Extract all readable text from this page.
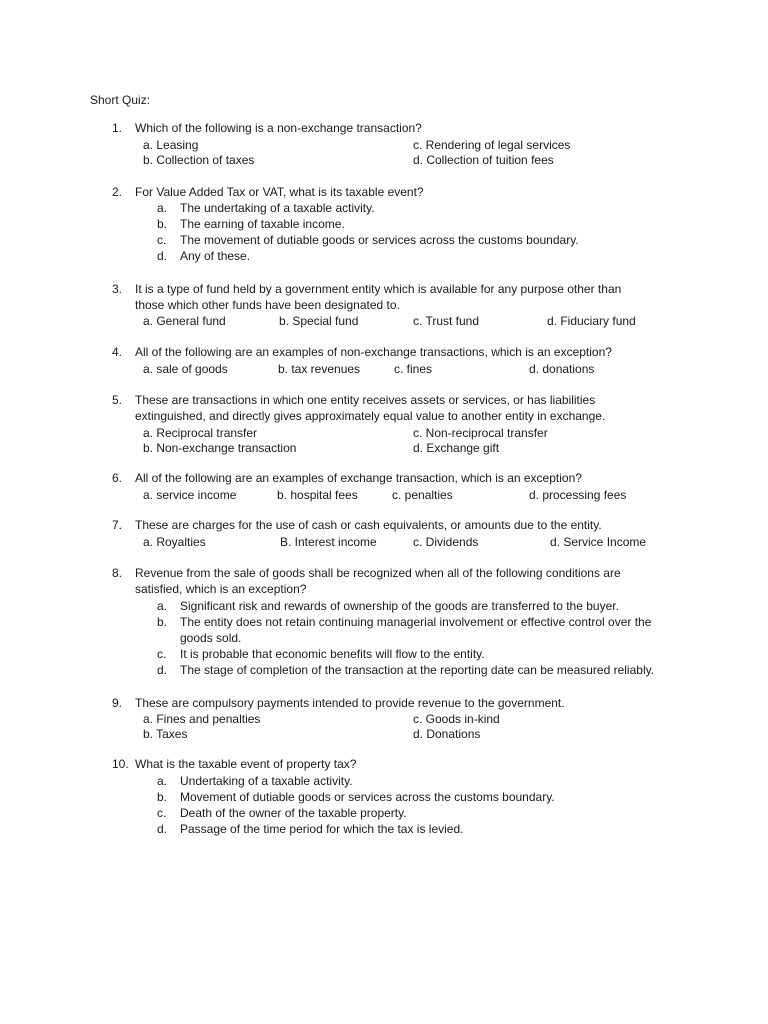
Short Quiz:
1. Which of the following is a non-exchange transaction?
a. Leasing
b. Collection of taxes
c. Rendering of legal services
d. Collection of tuition fees
2. For Value Added Tax or VAT, what is its taxable event?
a. The undertaking of a taxable activity.
b. The earning of taxable income.
c. The movement of dutiable goods or services across the customs boundary.
d. Any of these.
3. It is a type of fund held by a government entity which is available for any purpose other than
those which other funds have been designated to.
a. General fund	b. Special fund	c. Trust fund	d. Fiduciary fund
4. All of the following are an examples of non-exchange transactions, which is an exception?
a. sale of goods	b. tax revenues	c. fines	d. donations
5. These are transactions in which one entity receives assets or services, or has liabilities
extinguished, and directly gives approximately equal value to another entity in exchange.
a. Reciprocal transfer
b. Non-exchange transaction
c. Non-reciprocal transfer
d. Exchange gift
6. All of the following are an examples of exchange transaction, which is an exception?
a. service income	b. hospital fees	c. penalties	d. processing fees
7. These are charges for the use of cash or cash equivalents, or amounts due to the entity.
a. Royalties	B. Interest income	c. Dividends	d. Service Income
8. Revenue from the sale of goods shall be recognized when all of the following conditions are
satisfied, which is an exception?
a. Significant risk and rewards of ownership of the goods are transferred to the buyer.
b. The entity does not retain continuing managerial involvement or effective control over the
goods sold.
c. It is probable that economic benefits will flow to the entity.
d. The stage of completion of the transaction at the reporting date can be measured reliably.
9. These are compulsory payments intended to provide revenue to the government.
a. Fines and penalties
b. Taxes
c. Goods in-kind
d. Donations
10. What is the taxable event of property tax?
a. Undertaking of a taxable activity.
b. Movement of dutiable goods or services across the customs boundary.
c. Death of the owner of the taxable property.
d. Passage of the time period for which the tax is levied.
